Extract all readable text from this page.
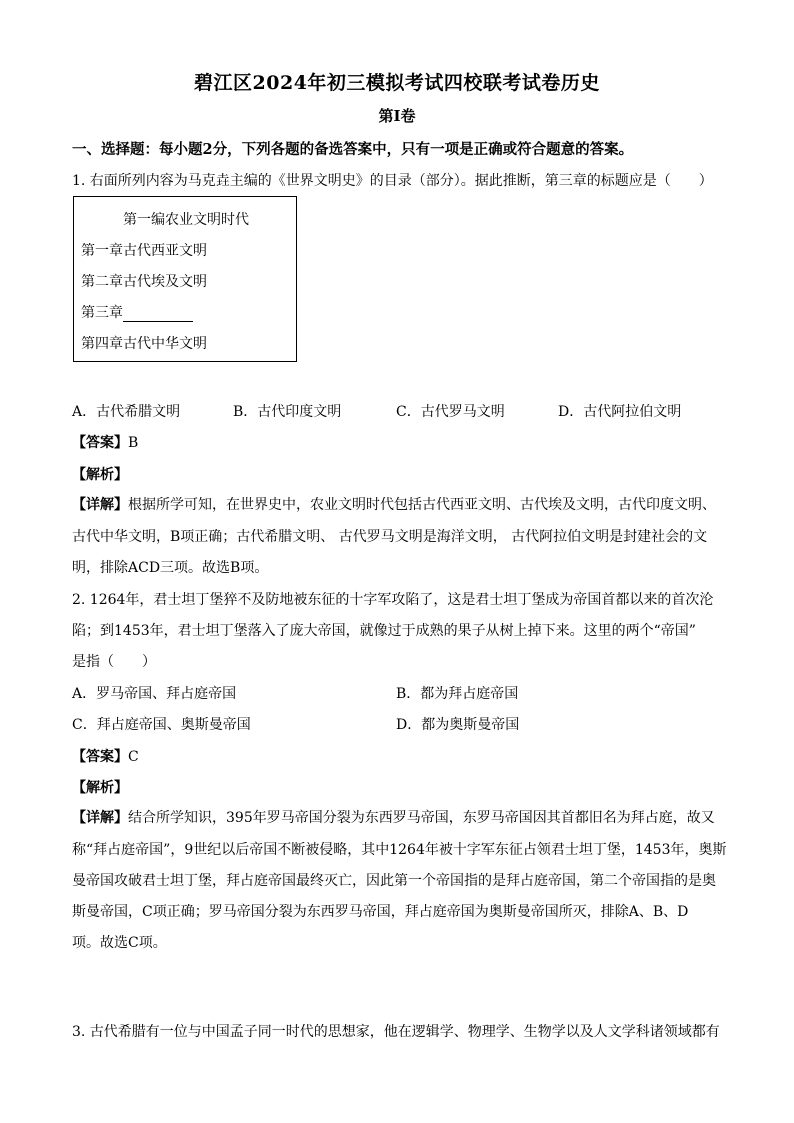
碧江区2024年初三模拟考试四校联考试卷历史
第I卷
一、选择题：每小题2分，下列各题的备选答案中，只有一项是正确或符合题意的答案。
1. 右面所列内容为马克垚主编的《世界文明史》的目录（部分）。据此推断，第三章的标题应是（　　）
第一编农业文明时代
第一章古代西亚文明
第二章古代埃及文明
第三章
第四章古代中华文明
A．古代希腊文明	B．古代印度文明	C．古代罗马文明	D．古代阿拉伯文明
【答案】B
【解析】
【详解】根据所学可知，在世界史中，农业文明时代包括古代西亚文明、古代埃及文明，古代印度文明、
古代中华文明，B项正确；古代希腊文明、 古代罗马文明是海洋文明， 古代阿拉伯文明是封建社会的文
明，排除ACD三项。故选B项。
2. 1264年，君士坦丁堡猝不及防地被东征的十字军攻陷了，这是君士坦丁堡成为帝国首都以来的首次沦
陷；到1453年，君士坦丁堡落入了庞大帝国，就像过于成熟的果子从树上掉下来。这里的两个“帝国”
是指（　　）
A．罗马帝国、拜占庭帝国	B．都为拜占庭帝国
C．拜占庭帝国、奥斯曼帝国	D．都为奥斯曼帝国
【答案】C
【解析】
【详解】结合所学知识，395年罗马帝国分裂为东西罗马帝国，东罗马帝国因其首都旧名为拜占庭，故又
称“拜占庭帝国”，9世纪以后帝国不断被侵略，其中1264年被十字军东征占领君士坦丁堡，1453年，奥斯
曼帝国攻破君士坦丁堡，拜占庭帝国最终灭亡，因此第一个帝国指的是拜占庭帝国，第二个帝国指的是奥
斯曼帝国，C项正确；罗马帝国分裂为东西罗马帝国，拜占庭帝国为奥斯曼帝国所灭，排除A、B、D
项。故选C项。
3. 古代希腊有一位与中国孟子同一时代的思想家，他在逻辑学、物理学、生物学以及人文学科诸领域都有
